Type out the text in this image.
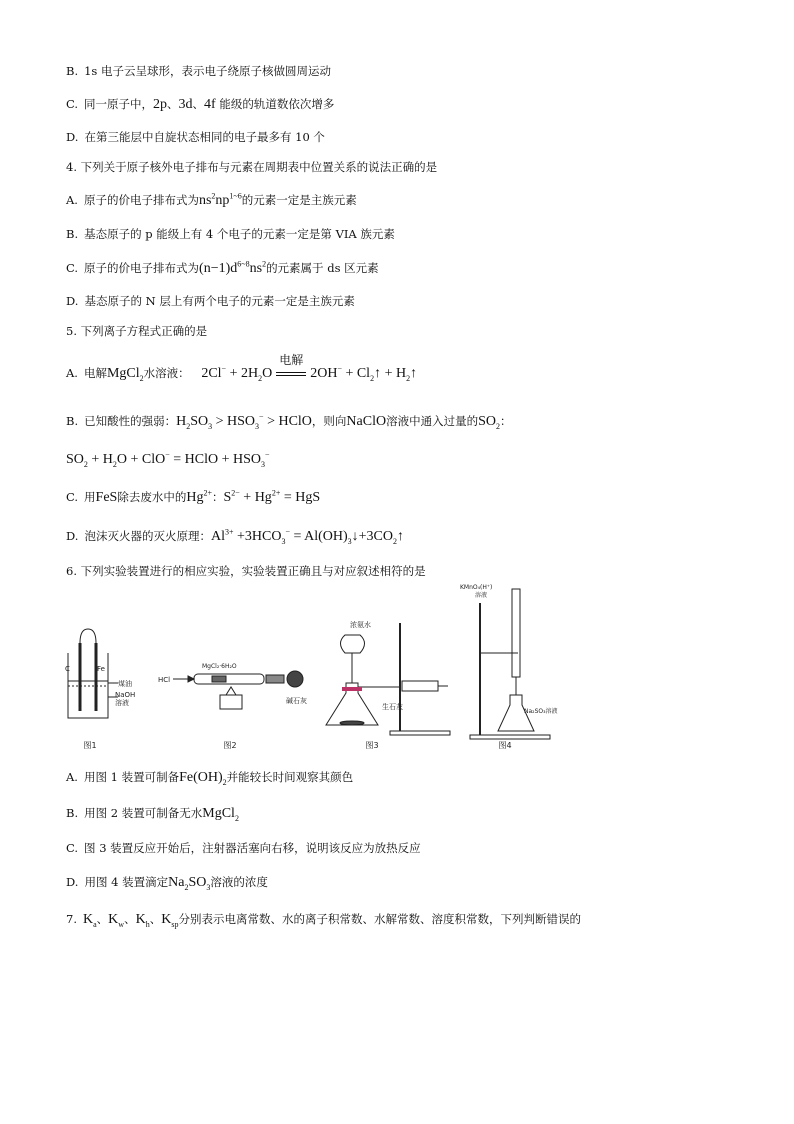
B. 1s 电子云呈球形，表示电子绕原子核做圆周运动
C. 同一原子中，2p、3d、4f 能级的轨道数依次增多
D. 在第三能层中自旋状态相同的电子最多有 10 个
4. 下列关于原子核外电子排布与元素在周期表中位置关系的说法正确的是
A. 原子的价电子排布式为$ns^2np^{1\sim 6}$的元素一定是主族元素
B. 基态原子的 p 能级上有 4 个电子的元素一定是第 VIA 族元素
C. 原子的价电子排布式为$(n-1)d^{6\sim 8}ns^2$的元素属于 ds 区元素
D. 基态原子的 N 层上有两个电子的元素一定是主族元素
5. 下列离子方程式正确的是
A. 电解MgCl$_2$水溶液： $2Cl^- + 2H_2O$
电解
$2OH^- + Cl_2↑$ + $H_2↑$
B. 已知酸性的强弱：$H_2SO_3 > HSO_3^-$ > HClO，则向NaClO溶液中通入过量的$SO_2$：
$SO_2 + H_2O + ClO^-$ = HClO + $HSO_3^-$
C. 用FeS除去废水中的$Hg^{2+}$：$S^{2-} + Hg^{2+}$ = HgS
D. 泡沫灭火器的灭火原理：$Al^{3+} +3HCO_3^-$ = $Al(OH)_3↓+3CO_2↑$
6. 下列实验装置进行的相应实验，实验装置正确且与对应叙述相符的是
C	Fe
煤油
NaOH
溶液
图1
HCl
MgCl₂·6H₂O
碱石灰
图2
浓氨水
生石灰
图3
KMnO₄(H⁺)
溶液
Na₂SO₃溶液
图4
A. 用图 1 装置可制备$Fe(OH)_2$并能较长时间观察其颜色
B. 用图 2 装置可制备无水MgCl$_2$
C. 图 3 装置反应开始后，注射器活塞向右移，说明该反应为放热反应
D. 用图 4 装置滴定$Na_2SO_3$溶液的浓度
7. $K_a$、$K_w$、$K_h$、$K_{sp}$分别表示电离常数、水的离子积常数、水解常数、溶度积常数，下列判断错误的
